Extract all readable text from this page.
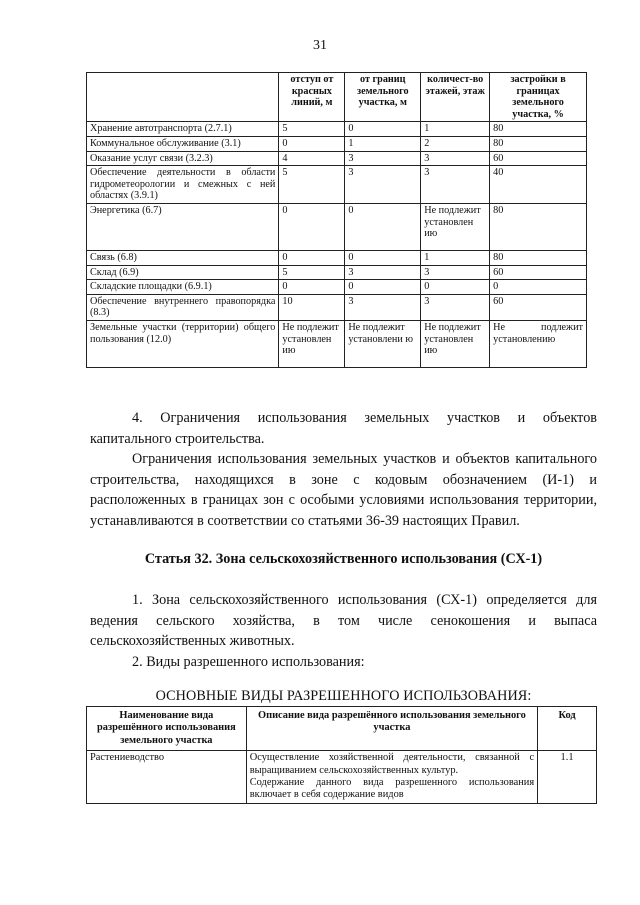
31
	отступ от красных линий, м	от границ земельного участка, м	количест-во этажей, этаж	застройки в границах земельного участка, %
Хранение автотранспорта (2.7.1)	5	0	1	80
Коммунальное обслуживание (3.1)	0	1	2	80
Оказание услуг связи (3.2.3)	4	3	3	60
Обеспечение деятельности в области гидрометеорологии и смежных с ней областях (3.9.1)	5	3	3	40
Энергетика (6.7)	0	0	Не подлежит установлен ию	80
Связь (6.8)	0	0	1	80
Склад (6.9)	5	3	3	60
Складские площадки (6.9.1)	0	0	0	0
Обеспечение внутреннего правопорядка (8.3)	10	3	3	60
Земельные участки (территории) общего пользования (12.0)	Не подлежит установлен ию	Не подлежит установлени ю	Не подлежит установлен ию	Не подлежит установлению

4. Ограничения использования земельных участков и объектов капитального строительства.

Ограничения использования земельных участков и объектов капитального строительства, находящихся в зоне с кодовым обозначением (И-1) и расположенных в границах зон с особыми условиями использования территории, устанавливаются в соответствии со статьями 36-39 настоящих Правил.

Статья 32. Зона сельскохозяйственного использования (СХ-1)

1. Зона сельскохозяйственного использования (СХ-1) определяется для ведения сельского хозяйства, в том числе сенокошения и выпаса сельскохозяйственных животных.

2. Виды разрешенного использования:

ОСНОВНЫЕ ВИДЫ РАЗРЕШЕННОГО ИСПОЛЬЗОВАНИЯ:

Наименование вида разрешённого использования земельного участка	Описание вида разрешённого использования земельного участка	Код
Растениеводство	Осуществление хозяйственной деятельности, связанной с выращиванием сельскохозяйственных культур.
Содержание данного вида разрешенного использования включает в себя содержание видов	1.1
